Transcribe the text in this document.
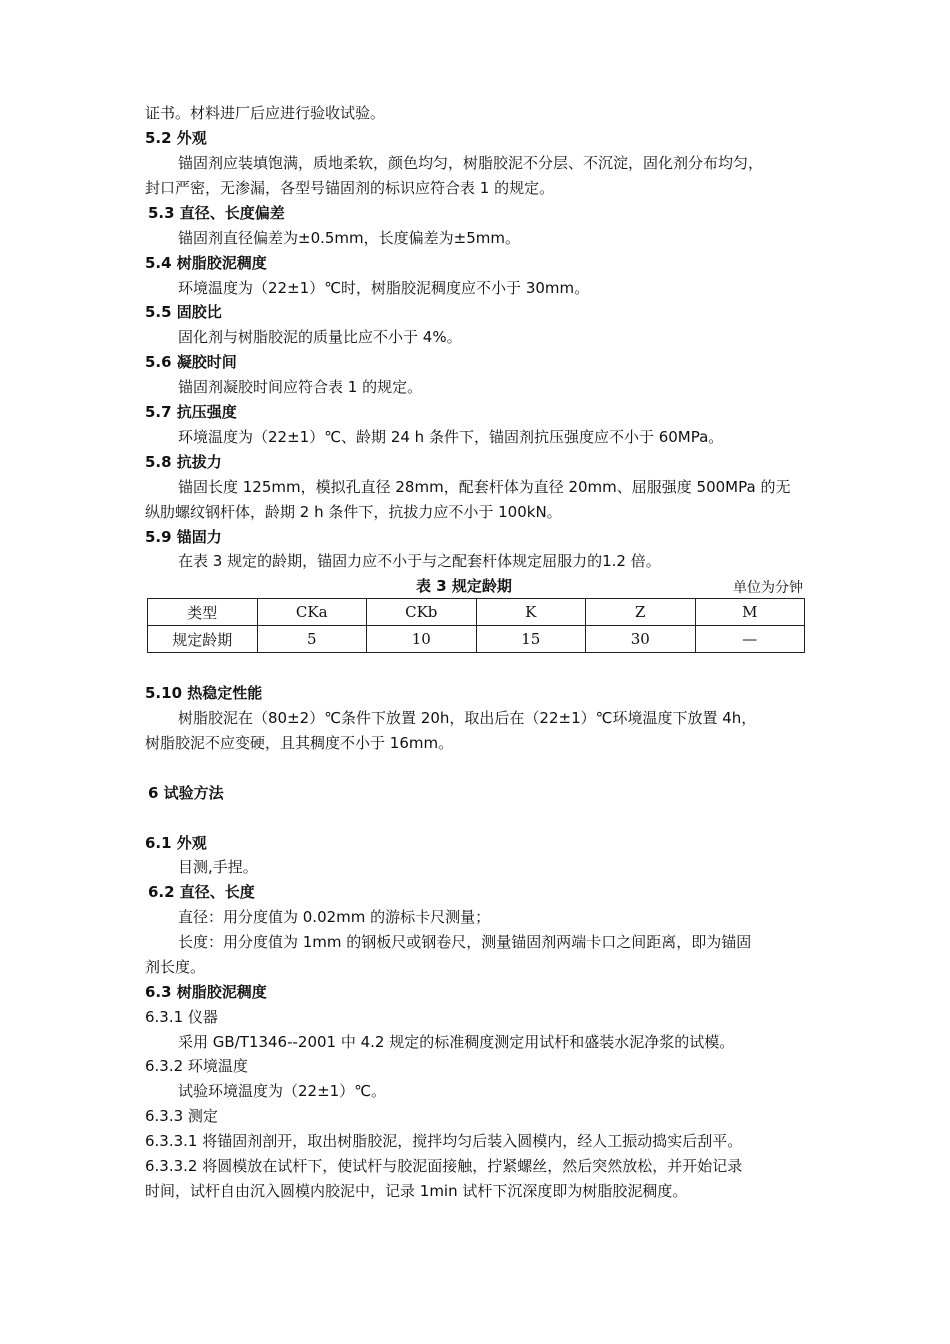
证书。材料进厂后应进行验收试验。
5.2 外观
锚固剂应装填饱满，质地柔软，颜色均匀，树脂胶泥不分层、不沉淀，固化剂分布均匀，
封口严密，无渗漏，各型号锚固剂的标识应符合表 1 的规定。
5.3 直径、长度偏差
锚固剂直径偏差为±0.5mm，长度偏差为±5mm。
5.4 树脂胶泥稠度
环境温度为（22±1）℃时，树脂胶泥稠度应不小于 30mm。
5.5 固胶比
固化剂与树脂胶泥的质量比应不小于 4%。
5.6 凝胶时间
锚固剂凝胶时间应符合表 1 的规定。
5.7 抗压强度
环境温度为（22±1）℃、龄期 24 h 条件下，锚固剂抗压强度应不小于 60MPa。
5.8 抗拔力
锚固长度 125mm，模拟孔直径 28mm，配套杆体为直径 20mm、屈服强度 500MPa 的无
纵肋螺纹钢杆体，龄期 2 h 条件下，抗拔力应不小于 100kN。
5.9 锚固力
在表 3 规定的龄期，锚固力应不小于与之配套杆体规定屈服力的1.2 倍。
表 3 规定龄期	单位为分钟
类型	CKa	CKb	K	Z	M
规定龄期	5	10	15	30	—
5.10 热稳定性能
树脂胶泥在（80±2）℃条件下放置 20h，取出后在（22±1）℃环境温度下放置 4h，
树脂胶泥不应变硬，且其稠度不小于 16mm。
6 试验方法
6.1 外观
目测,手捏。
6.2 直径、长度
直径：用分度值为 0.02mm 的游标卡尺测量；
长度：用分度值为 1mm 的钢板尺或钢卷尺，测量锚固剂两端卡口之间距离，即为锚固
剂长度。
6.3 树脂胶泥稠度
6.3.1 仪器
采用 GB/T1346--2001 中 4.2 规定的标准稠度测定用试杆和盛装水泥净浆的试模。
6.3.2 环境温度
试验环境温度为（22±1）℃。
6.3.3 测定
6.3.3.1 将锚固剂剖开，取出树脂胶泥，搅拌均匀后装入圆模内，经人工振动捣实后刮平。
6.3.3.2 将圆模放在试杆下，使试杆与胶泥面接触，拧紧螺丝，然后突然放松，并开始记录
时间，试杆自由沉入圆模内胶泥中，记录 1min 试杆下沉深度即为树脂胶泥稠度。
